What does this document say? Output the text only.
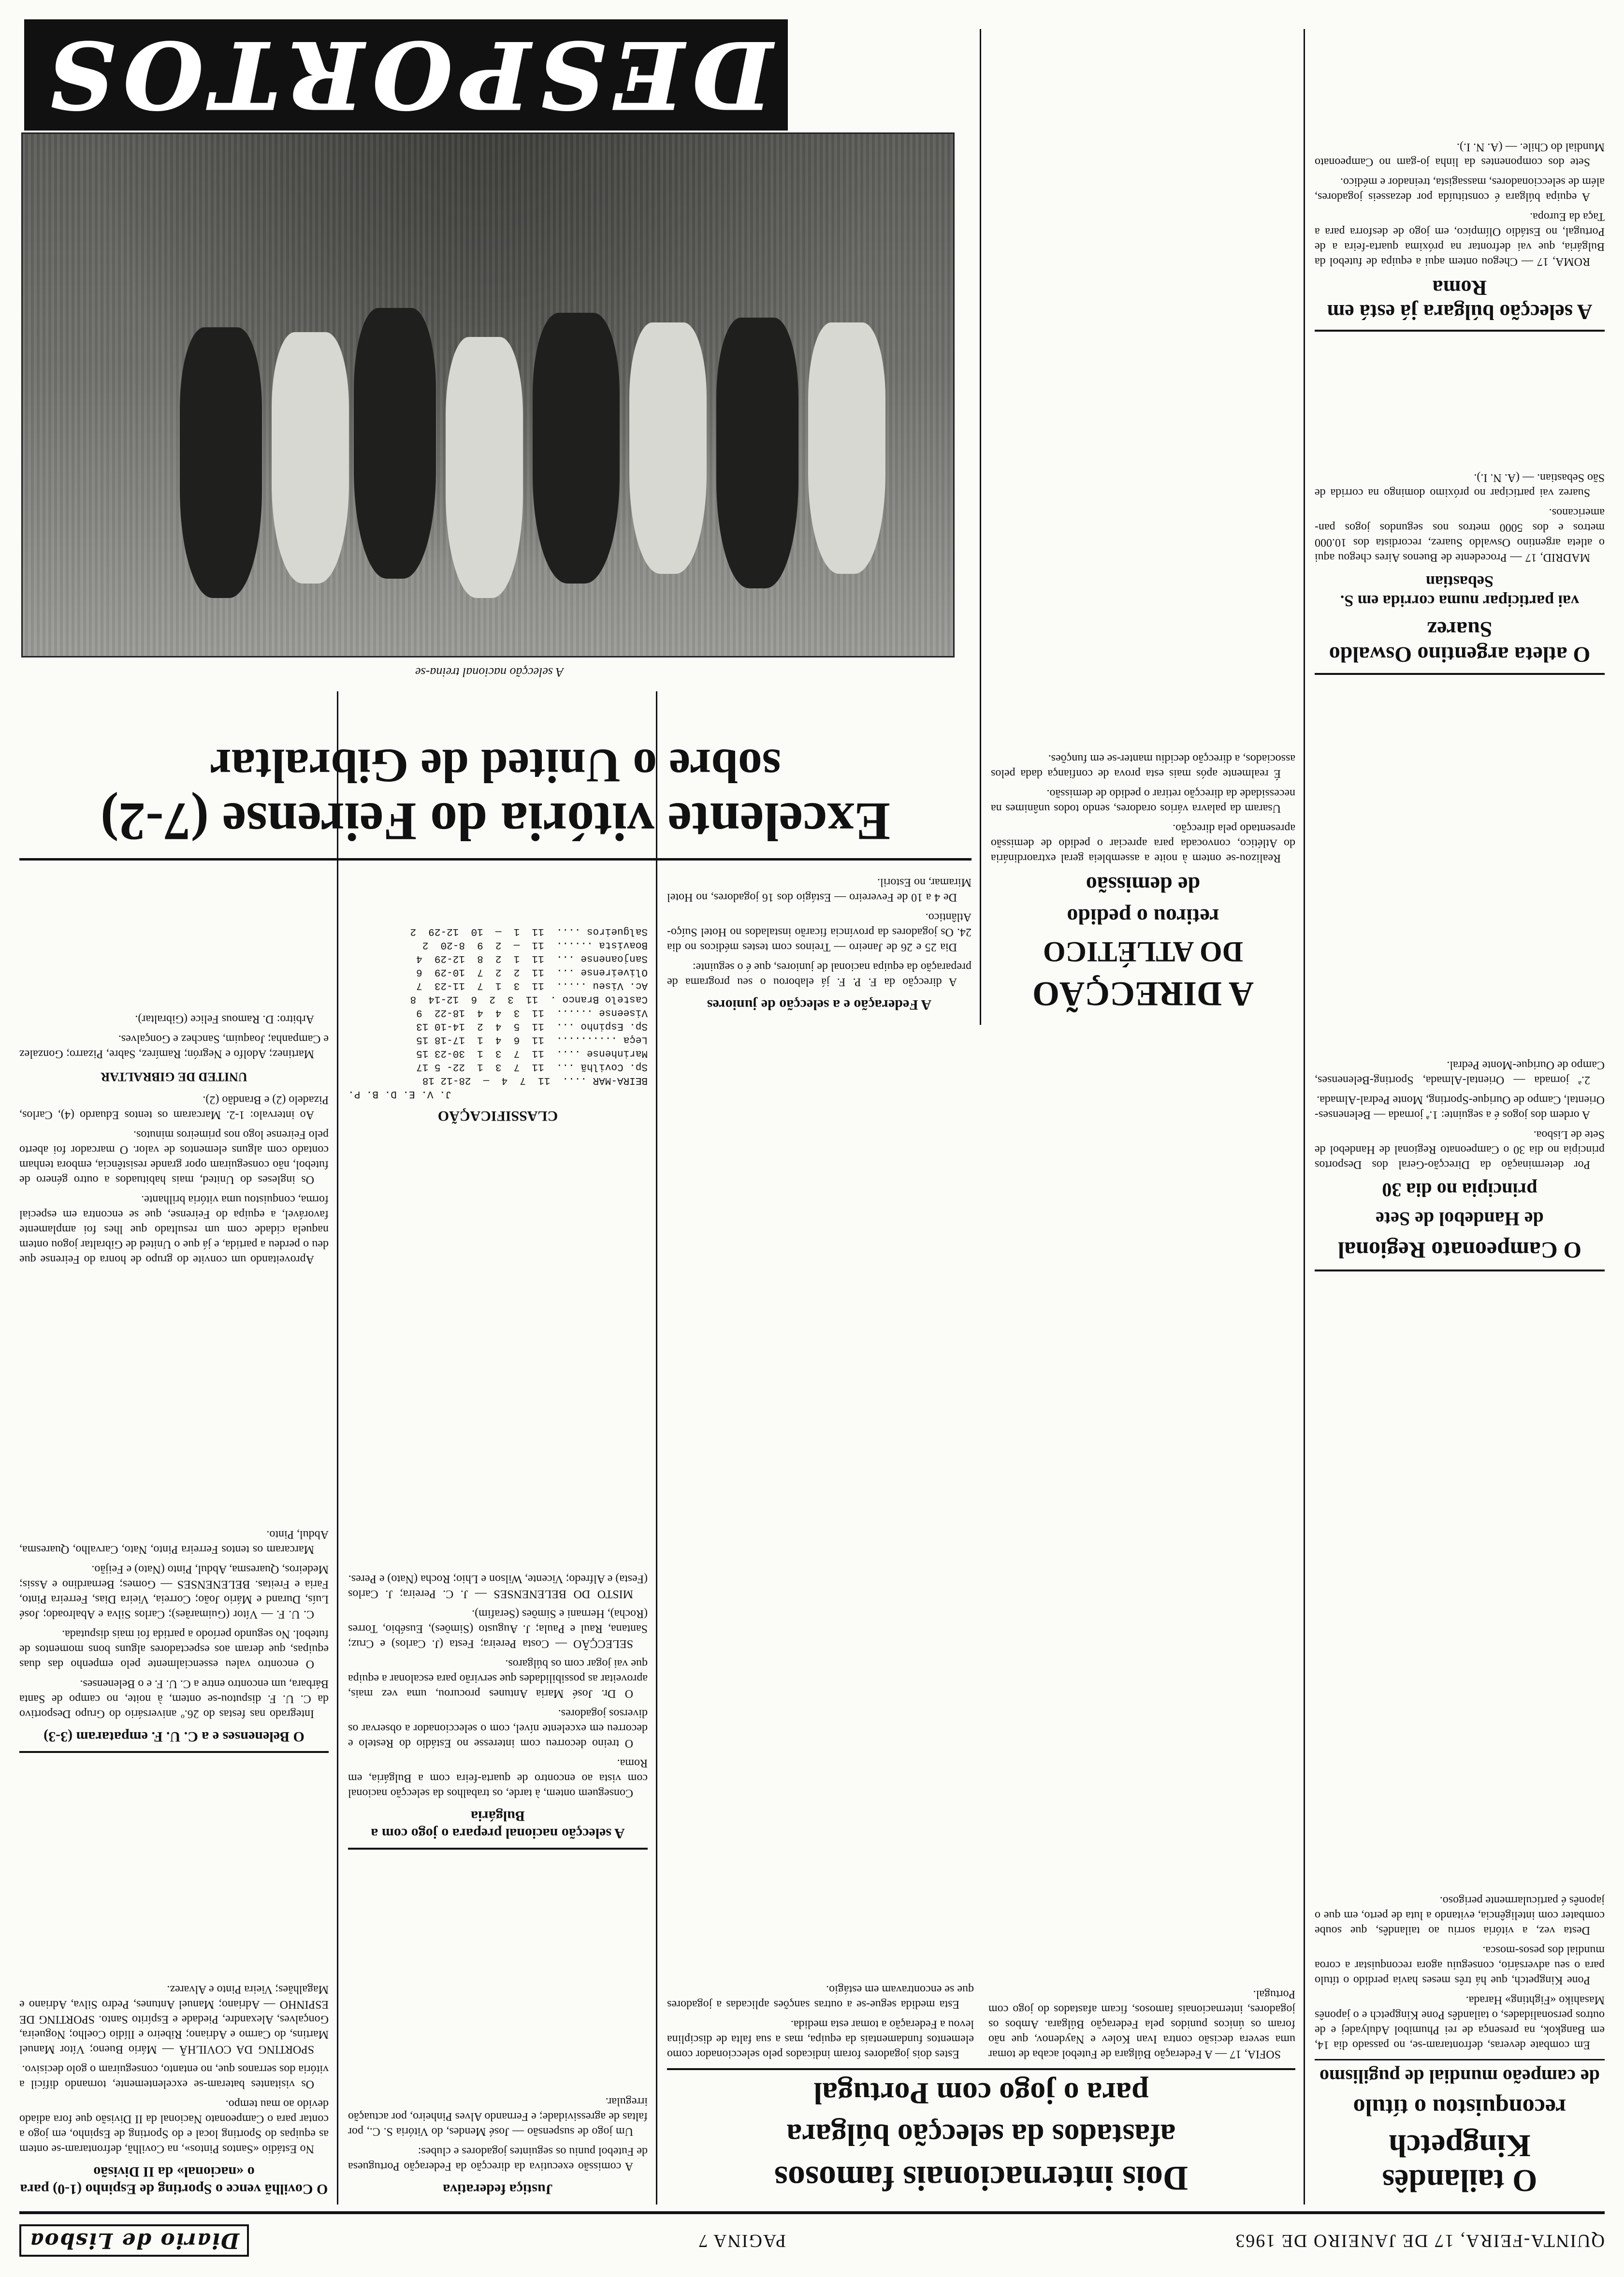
QUINTA-FEIRA, 17 DE JANEIRO DE 1963
PAGINA 7
Diario de Lisboa
O tailandês Kingpetch
reconquistou o título
de campeão mundial de pugilismo

Em combate deveras, defrontaram-se, no passado dia 14, em Bangkok, na presença de rei Phumibol Adulyadej e de outros personalidades, o tailandês Pone Kingpetch e o japonês Masahiko «Fighting» Harada.

Pone Kingpetch, que há três meses havia perdido o título para o seu adversário, conseguiu agora reconquistar a coroa mundial dos pesos-mosca.

Desta vez, a vitória sorriu ao tailandês, que soube combater com inteligência, evitando a luta de perto, em que o japonês é particularmente perigoso.

O Campeonato Regional
de Handebol de Sete
principia no dia 30

Por determinação da Direcção-Geral dos Desportos principia no dia 30 o Campeonato Regional de Handebol de Sete de Lisboa.

A ordem dos jogos é a seguinte: 1.ª jornada — Belenenses-Oriental, Campo de Ourique-Sporting, Monte Pedral-Almada.

2.ª jornada — Oriental-Almada, Sporting-Belenenses, Campo de Ourique-Monte Pedral.

O atleta argentino Oswaldo Suarez
vai participar numa corrida em S. Sebastian

MADRID, 17 — Procedente de Buenos Aires chegou aqui o atleta argentino Oswaldo Suarez, recordista dos 10.000 metros e dos 5000 metros nos segundos jogos pan-americanos.

Suarez vai participar no próximo domingo na corrida de São Sebastian. — (A. N. I.).

A selecção búlgara já está em Roma

ROMA, 17 — Chegou ontem aqui a equipa de futebol da Bulgária, que vai defrontar na próxima quarta-feira a de Portugal, no Estádio Olímpico, em jogo de desforra para a Taça da Europa.

A equipa búlgara é constituída por dezasseis jogadores, além de seleccionadores, massagista, treinador e médico.

Sete dos componentes da linha jo-gam no Campeonato Mundial do Chile. — (A. N. I.).

A DIRECÇÃO
DO ATLÉTICO
retirou o pedido
de demissão

Realizou-se ontem à noite a assembleia geral extraordinária do Atlético, convocada para apreciar o pedido de demissão apresentado pela direcção.

Usaram da palavra vários oradores, sendo todos unânimes na necessidade da direcção retirar o pedido de demissão.

É realmente após mais esta prova de confiança dada pelos associados, a direcção decidiu manter-se em funções.

Dois internacionais famosos
afastados da selecção búlgara
para o jogo com Portugal

SOFIA, 17 — A Federação Búlgara de Futebol acaba de tomar uma severa decisão contra Ivan Kolev e Naydenov, que não foram os únicos punidos pela Federação Búlgara. Ambos os jogadores, internacionais famosos, ficam afastados do jogo com Portugal.

Estes dois jogadores foram indicados pelo seleccionador como elementos fundamentais da equipa, mas a sua falta de disciplina levou a Federação a tomar esta medida.

Esta medida segue-se a outras sanções aplicadas a jogadores que se encontravam em estágio.

A Federação e a selecção de juniores

A direcção da F. P. F. já elaborou o seu programa de preparação da equipa nacional de juniores, que é o seguinte:

Dia 25 e 26 de Janeiro — Treinos com testes médicos no dia 24. Os jogadores da província ficarão instalados no Hotel Suíço-Atlântico.

De 4 a 10 de Fevereiro — Estágio dos 16 jogadores, no Hotel Miramar, no Estoril.

Justiça federativa

A comissão executiva da direcção da Federação Portuguesa de Futebol puniu os seguintes jogadores e clubes:

Um jogo de suspensão — José Mendes, do Vitória S. C., por faltas de agressividade; e Fernando Alves Pinheiro, por actuação irregular.

A selecção nacional prepara o jogo com a Bulgária

Conseguem ontem, à tarde, os trabalhos da selecção nacional com vista ao encontro de quarta-feira com a Bulgária, em Roma.

O treino decorreu com interesse no Estádio do Restelo e decorreu em excelente nível, com o seleccionador a observar os diversos jogadores.

O Dr. José Maria Antunes procurou, uma vez mais, aproveitar as possibilidades que servirão para escalonar a equipa que vai jogar com os búlgaros.

SELECÇÃO — Costa Pereira; Festa (J. Carlos) e Cruz; Santana, Raul e Paula; J. Augusto (Simões), Eusébio, Torres (Rocha), Hernani e Simões (Serafim).

MISTO DO BELENENSES — J. C. Pereira; J. Carlos (Festa) e Alfredo; Vicente, Wilson e Lhio; Rocha (Nato) e Peres.

CLASSIFICAÇÃO
J. V. E. D. B. P.
BEIRA-MAR ....  11  7  4  —  28-12 18
Sp. Covilhã ...  11  7  3  1  22- 5 17
Marinhense ....  11  7  3  1  30-23 15
Leça ..........  11  6  4  1  17-18 15
Sp. Espinho ...  11  5  4  2  14-10 13
Viseense ......  11  3  4  4  18-22  9
Castelo Branco .  11  3  2  6  12-14  8
Ac. Viseu .....  11  3  1  7  11-23  7
Oliveirense ...  11  2  2  7  10-29  6
Sanjoanense ...  11  1  2  8  12-29  4
Boavista ......  11  —  2  9  8-20  2
Salgueiros ....  11  1  —  10  12-29  2
O Covilhã vence o Sporting de Espinho (1-0) para o «nacional» da II Divisão

No Estádio «Santos Pintos», na Covilhã, defrontaram-se ontem as equipas do Sporting local e do Sporting de Espinho, em jogo a contar para o Campeonato Nacional da II Divisão que fora adiado devido ao mau tempo.

Os visitantes bateram-se excelentemente, tornando difícil a vitória dos serranos que, no entanto, conseguiram o golo decisivo.

SPORTING DA COVILHÃ — Mário Bueno; Vítor Manuel Martins, do Carmo e Adriano; Ribeiro e Ilídio Coelho; Nogueira, Gonçalves, Alexandre, Piedade e Espírito Santo. SPORTING DE ESPINHO — Adriano; Manuel Antunes, Pedro Silva, Adriano e Magalhães; Vieira Pinto e Alvarez.

O Belenenses e a C. U. F. empataram (3-3)

Integrado nas festas do 26.º aniversário do Grupo Desportivo da C. U. F. disputou-se ontem, à noite, no campo de Santa Bárbara, um encontro entre a C. U. F. e o Belenenses.

O encontro valeu essencialmente pelo empenho das duas equipas, que deram aos espectadores alguns bons momentos de futebol. No segundo período a partida foi mais disputada.

C. U. F. — Vítor (Guimarães); Carlos Silva e Abalroado; José Luís, Durand e Mário João; Correia, Vieira Dias, Ferreira Pinto, Faria e Freitas. BELENENSES — Gomes; Bernardino e Assis; Medeiros, Quaresma, Abdul, Pinto (Nato) e Feijão.

Marcaram os tentos Ferreira Pinto, Nato, Carvalho, Quaresma, Abdul, Pinto.

Aproveitando um convite do grupo de honra do Feirense que deu o perdeu a partida, e já que o United de Gibraltar jogou ontem naquela cidade com um resultado que lhes foi amplamente favorável, a equipa do Feirense, que se encontra em especial forma, conquistou uma vitória brilhante.

Os ingleses do United, mais habituados a outro género de futebol, não conseguiram opor grande resistência, embora tenham contado com alguns elementos de valor. O marcador foi aberto pelo Feirense logo nos primeiros minutos.

Ao intervalo: 1-2. Marcaram os tentos Eduardo (4), Carlos, Pizadelo (2) e Brandão (2).

UNITED DE GIBRALTAR

Martinez; Adolfo e Negrón; Ramírez, Sabre, Pizarro; Gonzalez e Campanha; Joaquim, Sanchez e Gonçalves.

Arbitro: D. Ramous Felice (Gibraltar).

Excelente vitória do Feirense (7-2)
sobre o United de Gibraltar
A selecção nacional treina-se
DESPORTOS
